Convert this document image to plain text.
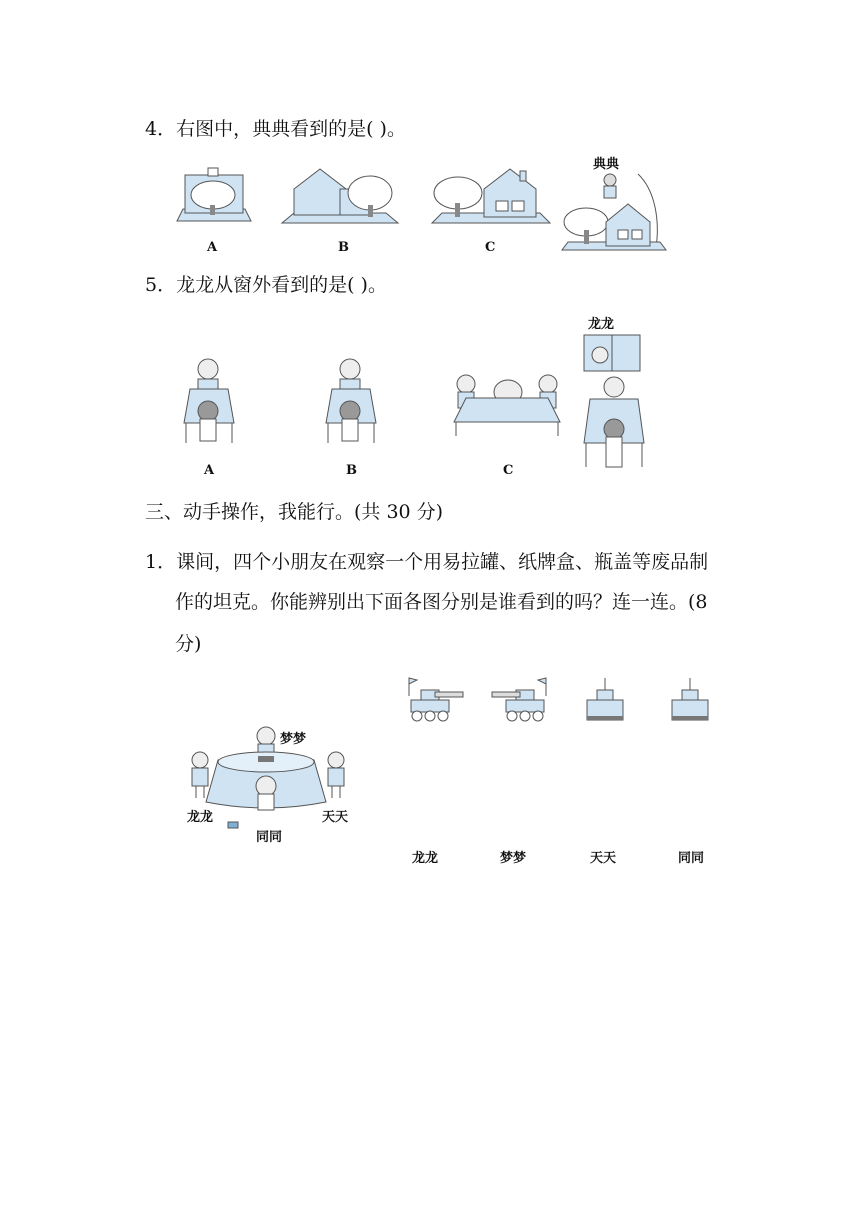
4．右图中，典典看到的是( )。
A	B	C
典典
5．龙龙从窗外看到的是( )。
A	B	C
龙龙
三、动手操作，我能行。(共 30 分)
1．课间，四个小朋友在观察一个用易拉罐、纸牌盒、瓶盖等废品制
作的坦克。你能辨别出下面各图分别是谁看到的吗？连一连。(8
分)
梦梦
龙龙	天天
同同
龙龙	梦梦	天天	同同
